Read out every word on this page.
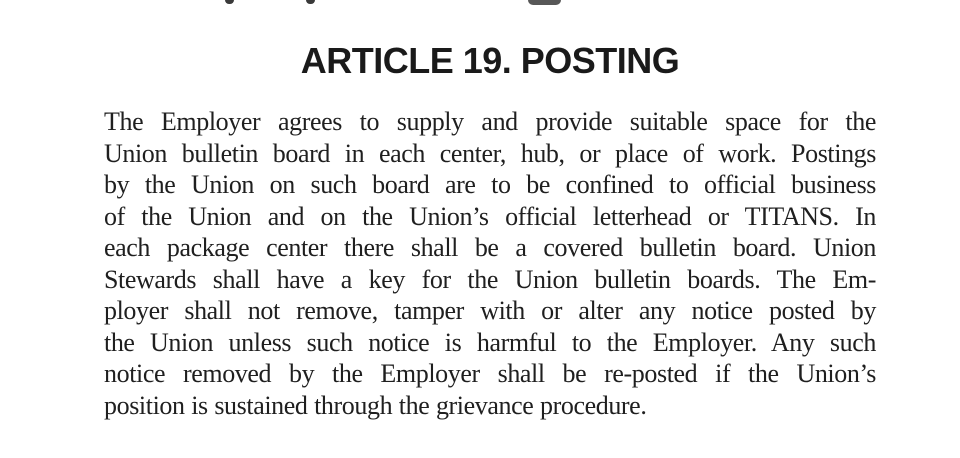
ARTICLE 19. POSTING
The Employer agrees to supply and provide suitable space for the
Union bulletin board in each center, hub, or place of work. Postings
by the Union on such board are to be confined to official business
of the Union and on the Union’s official letterhead or TITANS. In
each package center there shall be a covered bulletin board. Union
Stewards shall have a key for the Union bulletin boards. The Em-
ployer shall not remove, tamper with or alter any notice posted by
the Union unless such notice is harmful to the Employer. Any such
notice removed by the Employer shall be re-posted if the Union’s
position is sustained through the grievance procedure.
